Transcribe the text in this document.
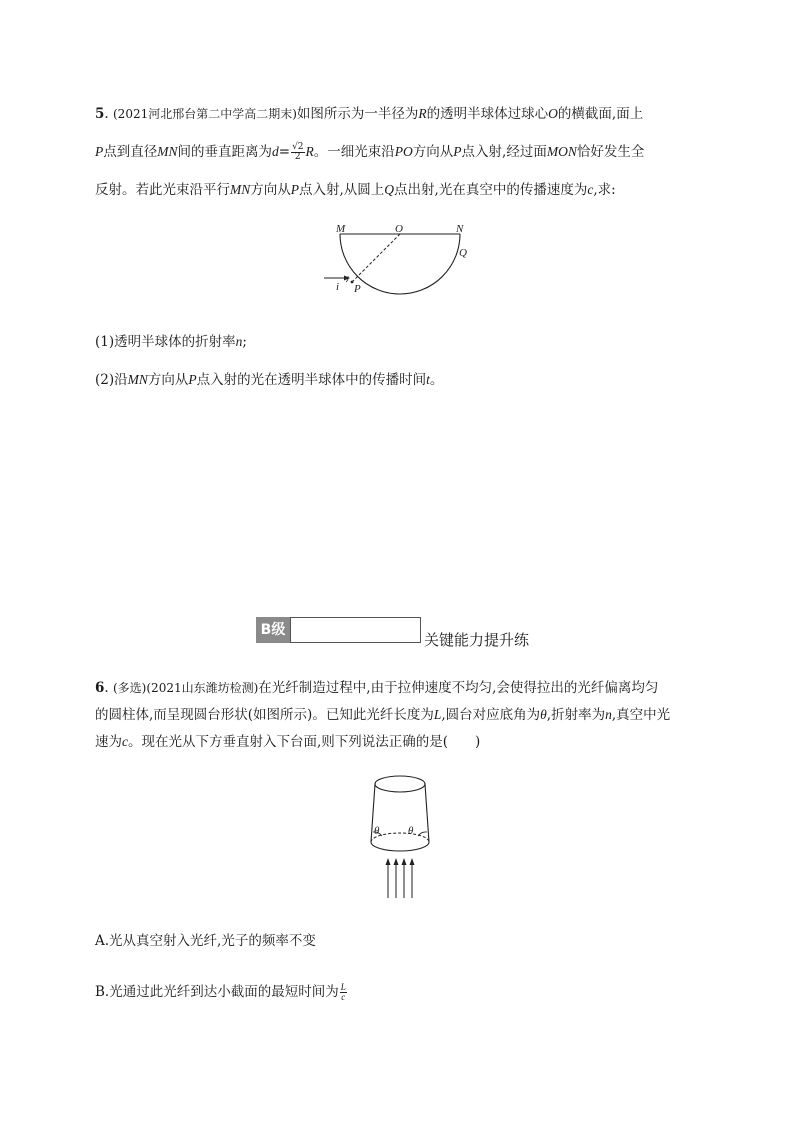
5. (2021河北邢台第二中学高二期末)如图所示为一半径为R的透明半球体过球心O的横截面,面上
P点到直径MN间的垂直距离为$d= \frac{√2}{2}$ R。一细光束沿PO方向从P点入射,经过面MON恰好发生全
反射。若此光束沿平行MN方向从P点入射,从圆上Q点出射,光在真空中的传播速度为c,求:
M	O	N
Q
P
i
(1)透明半球体的折射率n;
(2)沿MN方向从P点入射的光在透明半球体中的传播时间t。
B级
关键能力提升练
6. (多选)(2021山东潍坊检测)在光纤制造过程中,由于拉伸速度不均匀,会使得拉出的光纤偏离均匀
的圆柱体,而呈现圆台形状(如图所示)。已知此光纤长度为L,圆台对应底角为θ,折射率为n,真空中光
速为c。现在光从下方垂直射入下台面,则下列说法正确的是(　　)
θ	θ
A.光从真空射入光纤,光子的频率不变
B.光通过此光纤到达小截面的最短时间为 $\frac{L}{c}$
